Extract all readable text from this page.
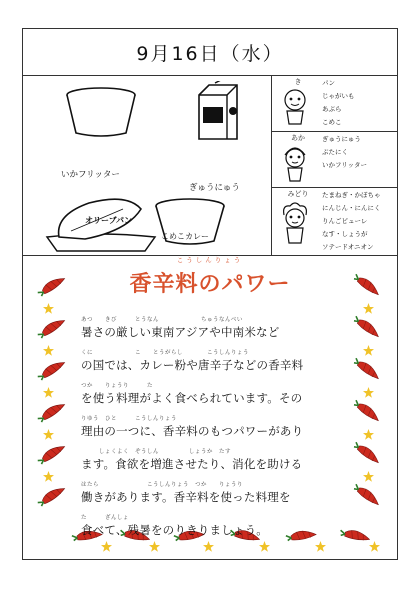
9月16日（水）
いかフリッター
ぎゅうにゅう
オリーブパン
こめこカレー
き	パン
じゃがいも
あぶら
こめこ
あか	ぎゅうにゅう
ぶたにく
いかフリッター
みどり	たまねぎ・かぼちゃ
にんじん・にんにく
りんごピューレ
なす・しょうが
ソテードオニオン
こうしんりょう
香辛料のパワー
あつ　　きび　　　とうなん　　　　　　　ちゅうなんべい
暑さの厳しい東南アジアや中南米など
くに　　　　　　　こ　　とうがらし　　　　こうしんりょう
の国では、カレー粉や唐辛子などの香辛料
つか　　りょうり　　　た
を使う料理がよく食べられています。その
りゆう　ひと　　　こうしんりょう
理由の一つに、香辛料のもつパワーがあり
　　　しょくよく　ぞうしん　　　　　しょうか　たす
ます。食欲を増進させたり、消化を助ける
はたら　　　　　　　　こうしんりょう　つか　　りょうり
働きがあります。香辛料を使った料理を
た　　　ざんしょ
食べて、残暑をのりきりましょう。
